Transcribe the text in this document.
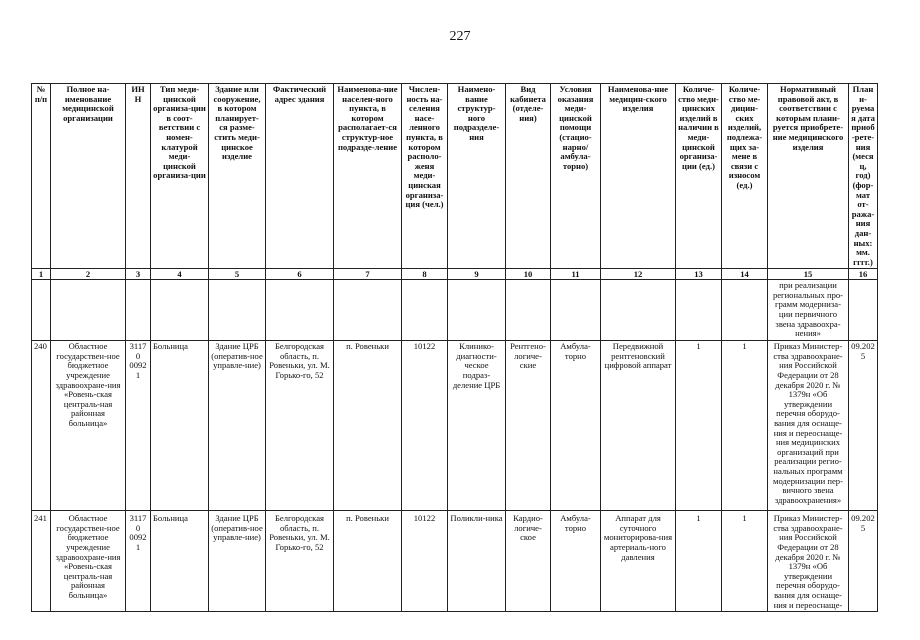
227
№ п/п	Полное на-именование медицинской организации	ИНН	Тип меди-цинской организа-ции в соот-ветствии с номен-клатурой меди-цинской организа-ции	Здание или сооружение, в котором планирует-ся разме-стить меди-цинское изделие	Фактический адрес здания	Наименова-ние населен-ного пункта, в котором располагает-ся структур-ное подразде-ление	Числен-ность на-селения насе-ленного пункта, в котором располо-женя меди-цинская организа-ция (чел.)	Наимено-вание структур-ного подразделе-ния	Вид кабинета (отделе-ния)	Условия оказания меди-цинской помощи (стацио-нарно/ амбула-торно)	Наименова-ние медицин-ского изделия	Количе-ство меди-цинских изделий в наличии в меди-цинской организа-ции (ед.)	Количе-ство ме-дицин-ских изделий, подлежа-щих за-мене в связи с износом (ед.)	Нормативный правовой акт, в соответствии с которым плани-руется приобрете-ние медицинского изделия	Плани-руемая дата приоб-рете-ния (месяц, год) (фор-мат от-ража-ния дан-ных: мм. гггг.)
1	2	3	4	5	6	7	8	9	10	11	12	13	14	15	16
														при реализации региональных про-грамм модерниза-ции первичного звена здравоохра-нения»	
240	Областное государствен-ное бюджетное учреждение здравоохране-ния «Ровень-ская централь-ная районная больница»	31170 00921	Больница	Здание ЦРБ (оператив-ное управле-ние)	Белгородская область, п. Ровеньки, ул. М. Горько-го, 52	п. Ровеньки	10122	Клинико-диагности-ческое подраз-деление ЦРБ	Рентгено-логиче-ские	Амбула-торно	Передвижной рентгеновский цифровой аппарат	1	1	Приказ Министер-ства здравоохране-ния Российской Федерации от 28 декабря 2020 г. № 1379н «Об утверждении перечня оборудо-вания для оснаще-ния и переоснаще-ния медицинских организаций при реализации регио-нальных программ модернизации пер-вичного звена здравоохранения»	09.2025
241	Областное государствен-ное бюджетное учреждение здравоохране-ния «Ровень-ская централь-ная районная больница»	31170 00921	Больница	Здание ЦРБ (оператив-ное управле-ние)	Белгородская область, п. Ровеньки, ул. М. Горько-го, 52	п. Ровеньки	10122	Поликли-ника	Кардио-логиче-ское	Амбула-торно	Аппарат для суточного мониторирова-ния артериаль-ного давления	1	1	Приказ Министер-ства здравоохране-ния Российской Федерации от 28 декабря 2020 г. № 1379н «Об утверждении перечня оборудо-вания для оснаще-ния и переоснаще-	09.2025
